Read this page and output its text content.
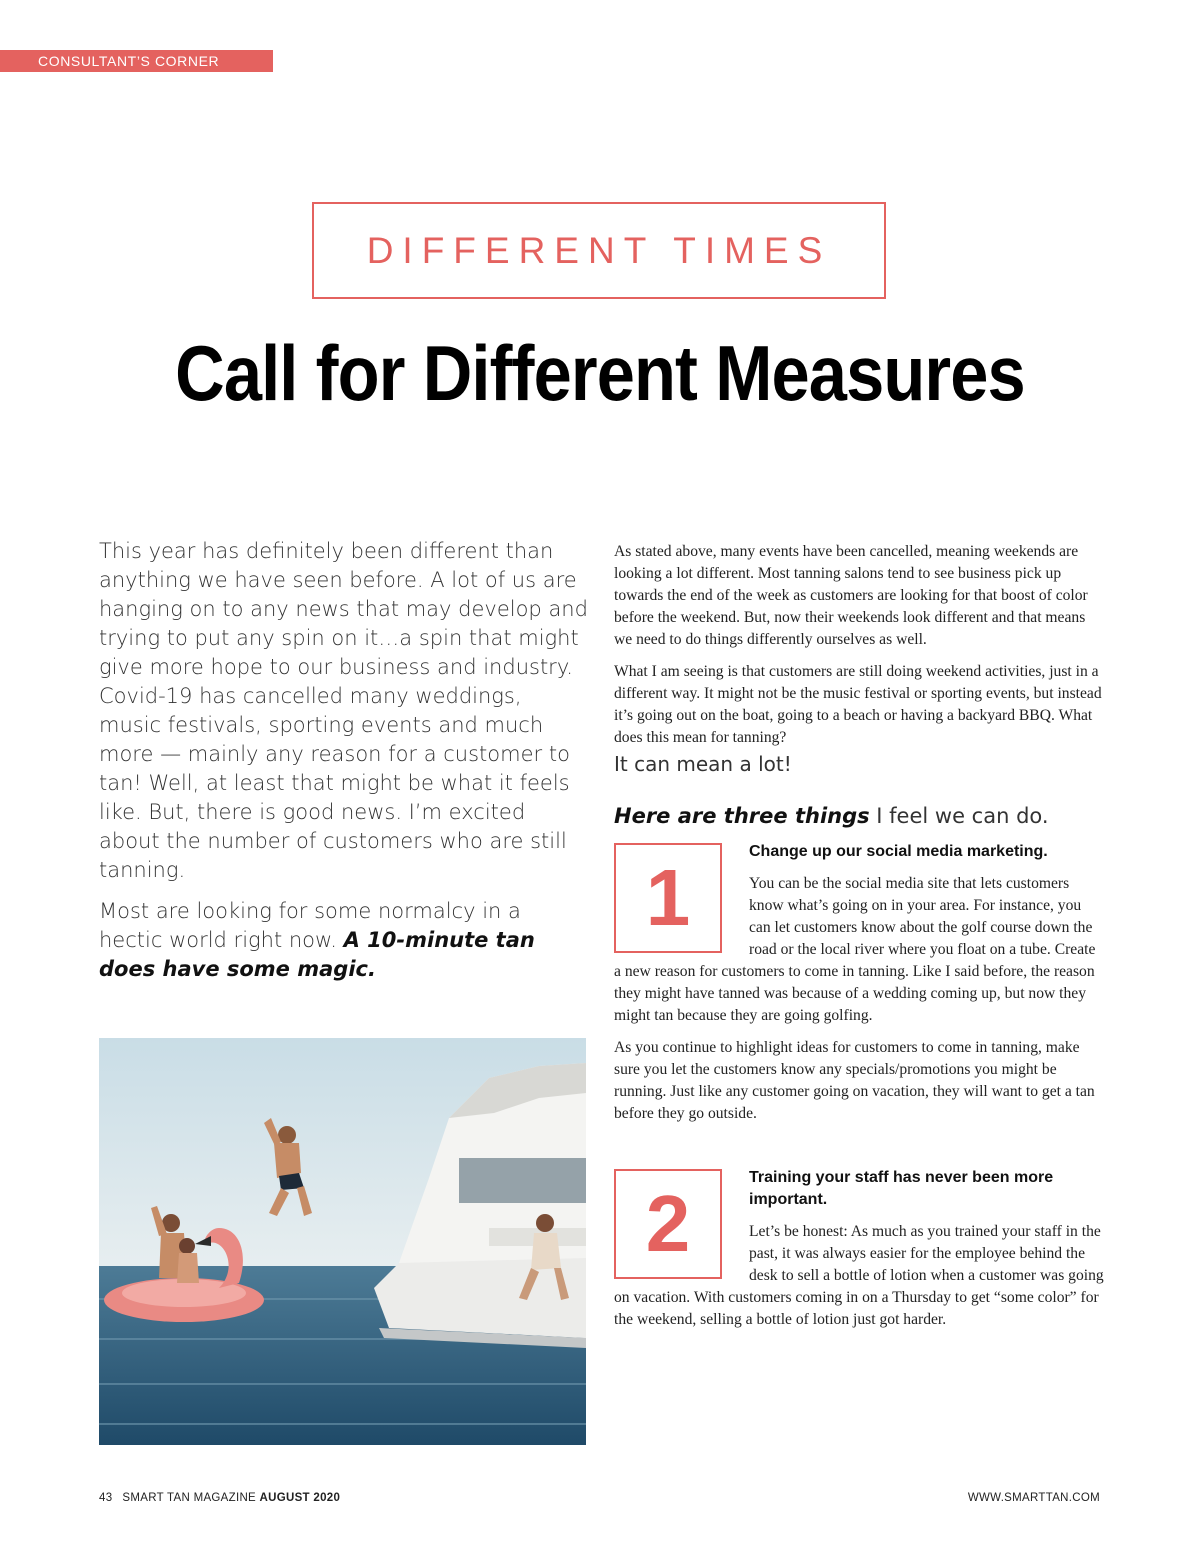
CONSULTANT’S CORNER
DIFFERENT TIMES
Call for Different Measures

This year has definitely been different than anything we have seen before. A lot of us are hanging on to any news that may develop and trying to put any spin on it…a spin that might give more hope to our business and industry. Covid-19 has cancelled many weddings, music festivals, sporting events and much more — mainly any reason for a customer to tan! Well, at least that might be what it feels like. But, there is good news. I’m excited about the number of customers who are still tanning.

Most are looking for some normalcy in a hectic world right now. A 10-minute tan does have some magic.

As stated above, many events have been cancelled, meaning weekends are looking a lot different. Most tanning salons tend to see business pick up towards the end of the week as customers are looking for that boost of color before the weekend. But, now their weekends look different and that means we need to do things differently ourselves as well.

What I am seeing is that customers are still doing weekend activities, just in a different way. It might not be the music festival or sporting events, but instead it’s going out on the boat, going to a beach or having a backyard BBQ. What does this mean for tanning?

It can mean a lot!

Here are three things I feel we can do.

1
Change up our social media marketing.

You can be the social media site that lets customers know what’s going on in your area. For instance, you can let customers know about the golf course down the road or the local river where you float on a tube. Create a new reason for customers to come in tanning. Like I said before, the reason they might have tanned was because of a wedding coming up, but now they might tan because they are going golfing.

As you continue to highlight ideas for customers to come in tanning, make sure you let the customers know any specials/promotions you might be running. Just like any customer going on vacation, they will want to get a tan before they go outside.

2
Training your staff has never been more important.

Let’s be honest: As much as you trained your staff in the past, it was always easier for the employee behind the desk to sell a bottle of lotion when a customer was going on vacation. With customers coming in on a Thursday to get “some color” for the weekend, selling a bottle of lotion just got harder.

43 SMART TAN MAGAZINE AUGUST 2020	WWW.SMARTTAN.COM
